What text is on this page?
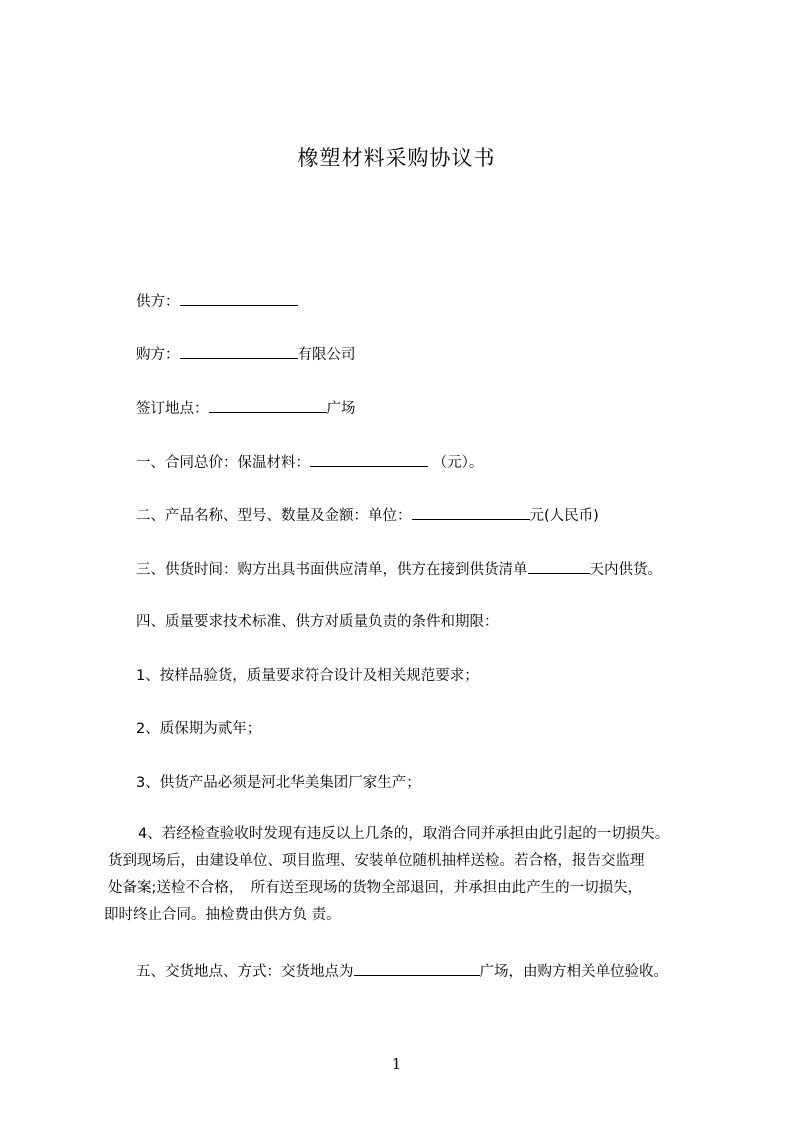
橡塑材料采购协议书
供方：
购方：	有限公司
签订地点：	广场
一、合同总价：保温材料：	（元）。
二、产品名称、型号、数量及金额：单位：	元(人民币)
三、供货时间：购方出具书面供应清单，供方在接到供货清单	天内供货。
四、质量要求技术标准、供方对质量负责的条件和期限：
1、按样品验货，质量要求符合设计及相关规范要求；
2、质保期为贰年；
3、供货产品必须是河北华美集团厂家生产；
4、若经检查验收时发现有违反以上几条的，取消合同并承担由此引起的一切损失。
货到现场后，由建设单位、项目监理、安装单位随机抽样送检。若合格，报告交监理
处备案;送检不合格，　所有送至现场的货物全部退回，并承担由此产生的一切损失，
即时终止合同。抽检费由供方负 责。
五、交货地点、方式：交货地点为	广场，由购方相关单位验收。
1
